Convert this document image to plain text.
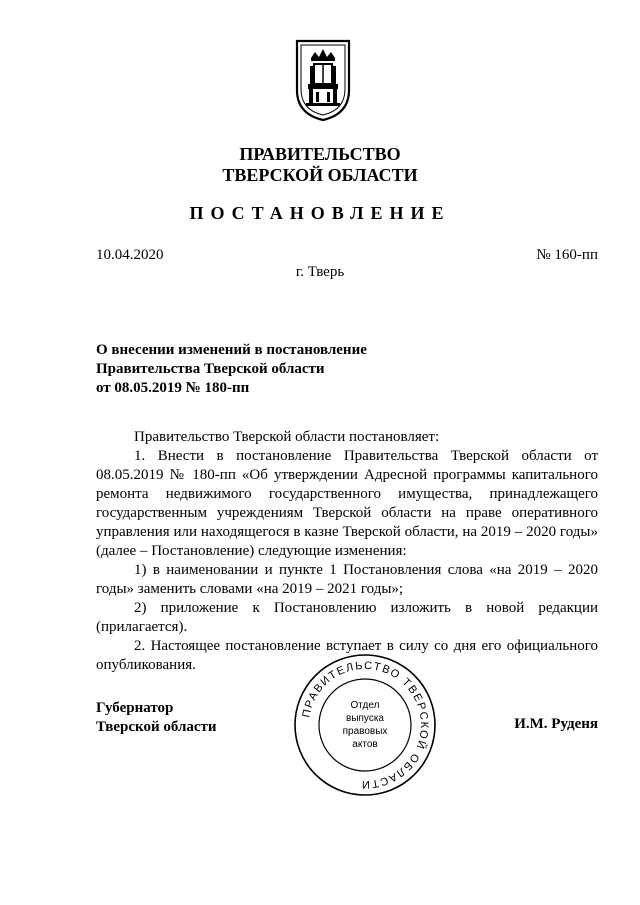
ПРАВИТЕЛЬСТВО
ТВЕРСКОЙ ОБЛАСТИ
ПОСТАНОВЛЕНИЕ
10.04.2020	№ 160-пп
г. Тверь
О внесении изменений в постановление
Правительства Тверской области
от 08.05.2019 № 180-пп

Правительство Тверской области постановляет:

1. Внести в постановление Правительства Тверской области от 08.05.2019 № 180-пп «Об утверждении Адресной программы капитального ремонта недвижимого государственного имущества, принадлежащего государственным учреждениям Тверской области на праве оперативного управления или находящегося в казне Тверской области, на 2019 – 2020 годы» (далее – Постановление) следующие изменения:

1) в наименовании и пункте 1 Постановления слова «на 2019 – 2020 годы» заменить словами «на 2019 – 2021 годы»;

2) приложение к Постановлению изложить в новой редакции (прилагается).

2. Настоящее постановление вступает в силу со дня его официального опубликования.

Губернатор
Тверской области	И.М. Руденя
ПРАВИТЕЛЬСТВО ТВЕРСКОЙ ОБЛАСТИ
Отдел
выпуска
правовых
актов
